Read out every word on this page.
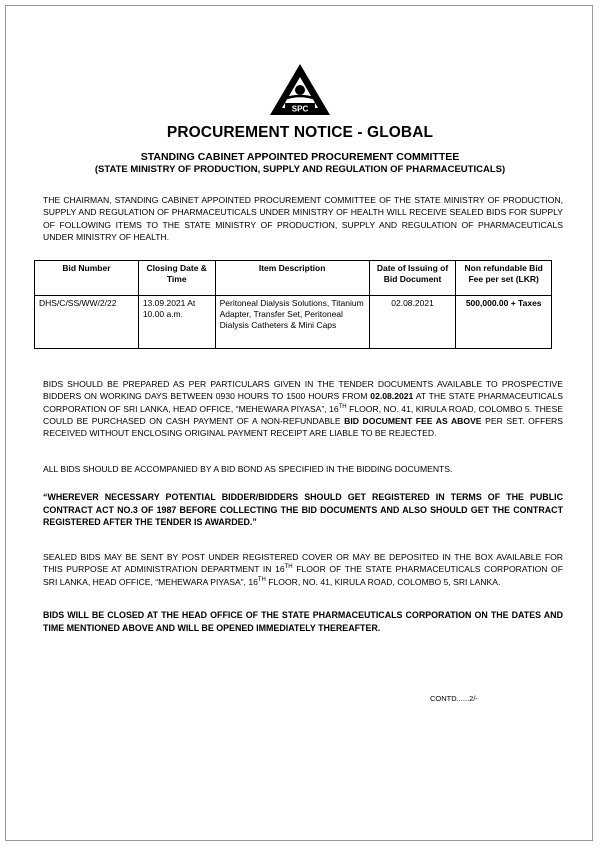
SPC
PROCUREMENT NOTICE - GLOBAL
STANDING CABINET APPOINTED PROCUREMENT COMMITTEE
(STATE MINISTRY OF PRODUCTION, SUPPLY AND REGULATION OF PHARMACEUTICALS)

THE CHAIRMAN, STANDING CABINET APPOINTED PROCUREMENT COMMITTEE OF THE STATE MINISTRY OF PRODUCTION, SUPPLY AND REGULATION OF PHARMACEUTICALS UNDER MINISTRY OF HEALTH WILL RECEIVE SEALED BIDS FOR SUPPLY OF FOLLOWING ITEMS TO THE STATE MINISTRY OF PRODUCTION, SUPPLY AND REGULATION OF PHARMACEUTICALS UNDER MINISTRY OF HEALTH.

Bid Number	Closing Date & Time	Item Description	Date of Issuing of Bid Document	Non refundable Bid Fee per set (LKR)
DHS/C/SS/WW/2/22	13.09.2021 At 10.00 a.m.	Peritoneal Dialysis Solutions, Titanium Adapter, Transfer Set, Peritoneal Dialysis Catheters & Mini Caps	02.08.2021	500,000.00 + Taxes

BIDS SHOULD BE PREPARED AS PER PARTICULARS GIVEN IN THE TENDER DOCUMENTS AVAILABLE TO PROSPECTIVE BIDDERS ON WORKING DAYS BETWEEN 0930 HOURS TO 1500 HOURS FROM 02.08.2021 AT THE STATE PHARMACEUTICALS CORPORATION OF SRI LANKA, HEAD OFFICE, “MEHEWARA PIYASA”, 16TH FLOOR, NO. 41, KIRULA ROAD, COLOMBO 5. THESE COULD BE PURCHASED ON CASH PAYMENT OF A NON-REFUNDABLE BID DOCUMENT FEE AS ABOVE PER SET. OFFERS RECEIVED WITHOUT ENCLOSING ORIGINAL PAYMENT RECEIPT ARE LIABLE TO BE REJECTED.

ALL BIDS SHOULD BE ACCOMPANIED BY A BID BOND AS SPECIFIED IN THE BIDDING DOCUMENTS.

“WHEREVER NECESSARY POTENTIAL BIDDER/BIDDERS SHOULD GET REGISTERED IN TERMS OF THE PUBLIC CONTRACT ACT NO.3 OF 1987 BEFORE COLLECTING THE BID DOCUMENTS AND ALSO SHOULD GET THE CONTRACT REGISTERED AFTER THE TENDER IS AWARDED.”

SEALED BIDS MAY BE SENT BY POST UNDER REGISTERED COVER OR MAY BE DEPOSITED IN THE BOX AVAILABLE FOR THIS PURPOSE AT ADMINISTRATION DEPARTMENT IN 16TH FLOOR OF THE STATE PHARMACEUTICALS CORPORATION OF SRI LANKA, HEAD OFFICE, “MEHEWARA PIYASA”, 16TH FLOOR, NO. 41, KIRULA ROAD, COLOMBO 5, SRI LANKA.

BIDS WILL BE CLOSED AT THE HEAD OFFICE OF THE STATE PHARMACEUTICALS CORPORATION ON THE DATES AND TIME MENTIONED ABOVE AND WILL BE OPENED IMMEDIATELY THEREAFTER.

CONTD......2/-
